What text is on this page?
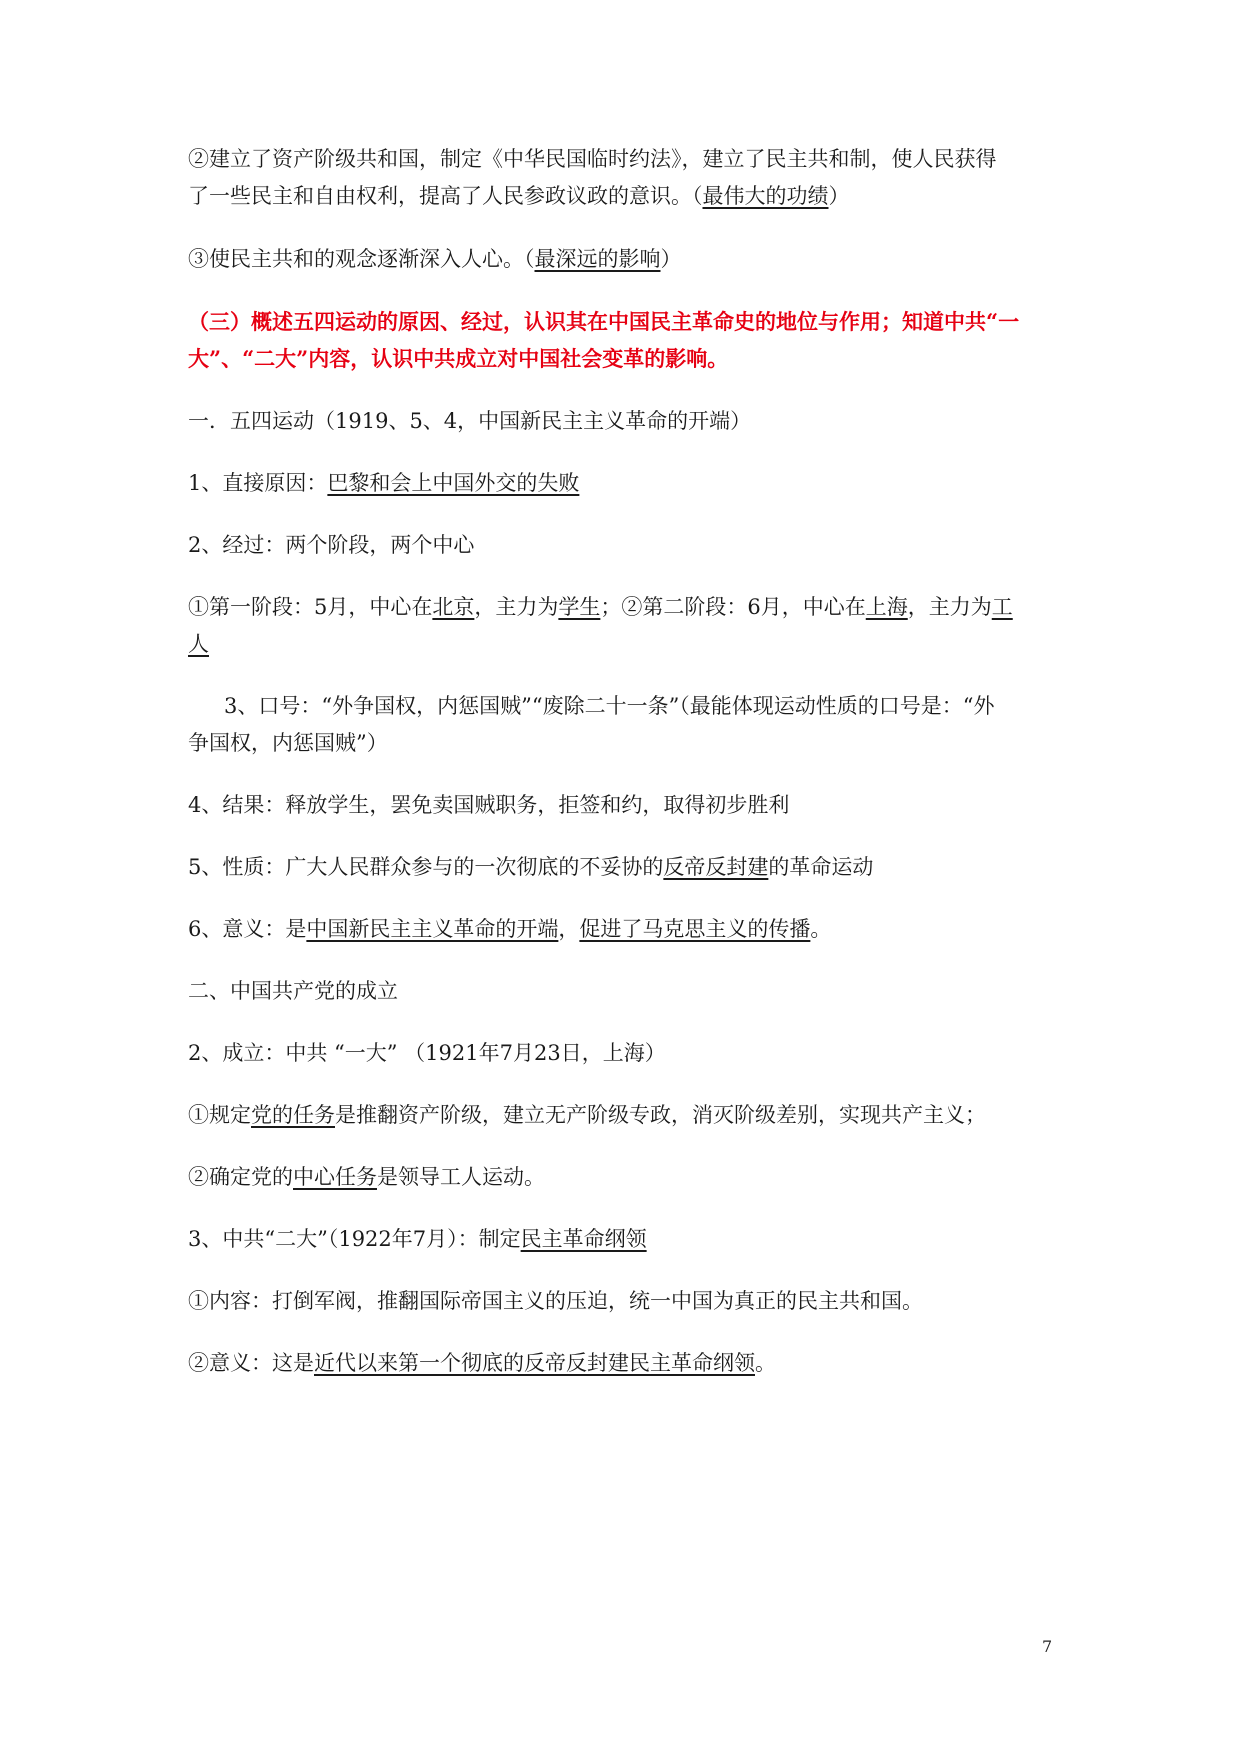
②建立了资产阶级共和国，制定《中华民国临时约法》，建立了民主共和制，使人民获得
了一些民主和自由权利，提高了人民参政议政的意识。（最伟大的功绩）
③使民主共和的观念逐渐深入人心。（最深远的影响）
（三）概述五四运动的原因、经过，认识其在中国民主革命史的地位与作用；知道中共“一
大”、“二大”内容，认识中共成立对中国社会变革的影响。
一．五四运动（1919、5、4，中国新民主主义革命的开端）
1、直接原因：巴黎和会上中国外交的失败
2、经过：两个阶段，两个中心
①第一阶段：5月，中心在北京，主力为学生；②第二阶段：6月，中心在上海，主力为工
人
3、口号：“外争国权，内惩国贼”“废除二十一条”（最能体现运动性质的口号是：“外
争国权，内惩国贼”）
4、结果：释放学生，罢免卖国贼职务，拒签和约，取得初步胜利
5、性质：广大人民群众参与的一次彻底的不妥协的反帝反封建的革命运动
6、意义：是中国新民主主义革命的开端，促进了马克思主义的传播。
二、中国共产党的成立
2、成立：中共 “一大” （1921年7月23日，上海）
①规定党的任务是推翻资产阶级，建立无产阶级专政，消灭阶级差别，实现共产主义；
②确定党的中心任务是领导工人运动。
3、中共“二大”（1922年7月）：制定民主革命纲领
①内容：打倒军阀，推翻国际帝国主义的压迫，统一中国为真正的民主共和国。
②意义：这是近代以来第一个彻底的反帝反封建民主革命纲领。
7
